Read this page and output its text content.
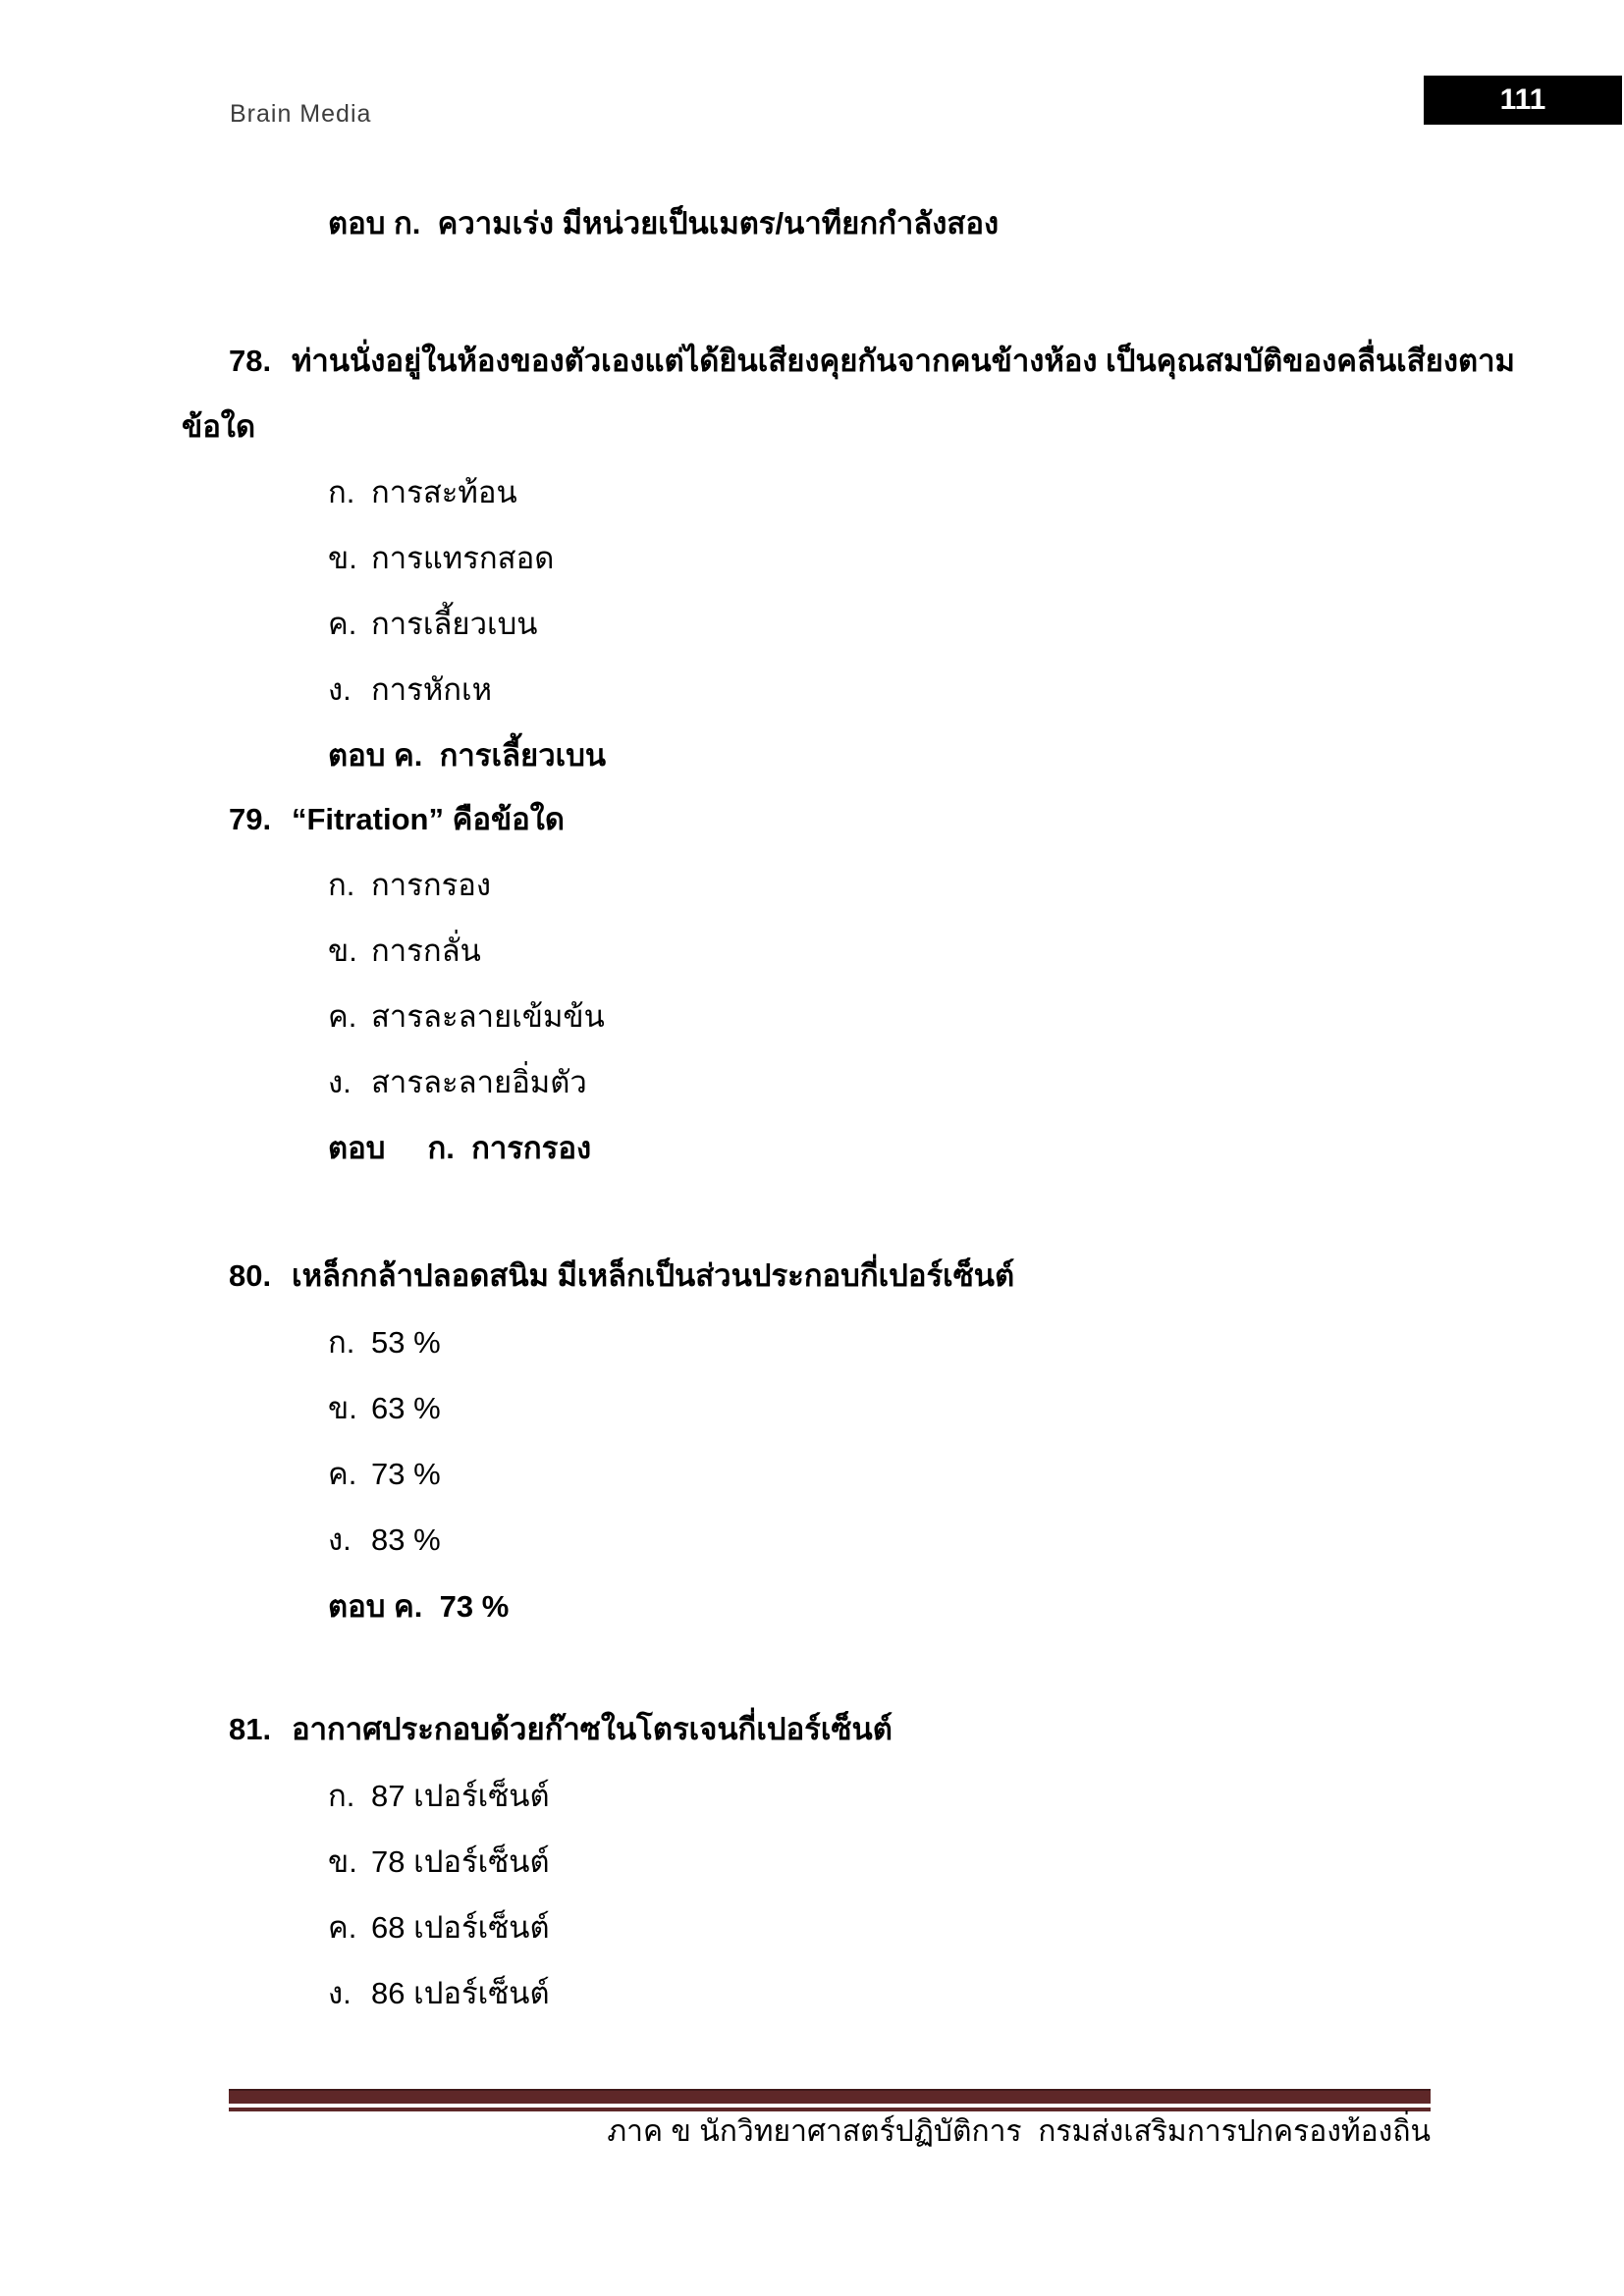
Brain Media	111
ตอบ ก.  ความเร่ง มีหน่วยเป็นเมตร/นาทียกกำลังสอง
78. ท่านนั่งอยู่ในห้องของตัวเองแต่ได้ยินเสียงคุยกันจากคนข้างห้อง เป็นคุณสมบัติของคลื่นเสียงตาม
ข้อใด
ก. การสะท้อน
ข. การแทรกสอด
ค. การเลี้ยวเบน
ง. การหักเห
ตอบ ค.  การเลี้ยวเบน
79. “Fitration” คือข้อใด
ก. การกรอง
ข. การกลั่น
ค. สารละลายเข้มข้น
ง. สารละลายอิ่มตัว
ตอบ     ก.  การกรอง
80. เหล็กกล้าปลอดสนิม มีเหล็กเป็นส่วนประกอบกี่เปอร์เซ็นต์
ก. 53 %
ข. 63 %
ค. 73 %
ง. 83 %
ตอบ ค.  73 %
81. อากาศประกอบด้วยก๊าซในโตรเจนกี่เปอร์เซ็นต์
ก. 87 เปอร์เซ็นต์
ข. 78 เปอร์เซ็นต์
ค. 68 เปอร์เซ็นต์
ง. 86 เปอร์เซ็นต์
ภาค ข นักวิทยาศาสตร์ปฏิบัติการ  กรมส่งเสริมการปกครองท้องถิ่น
